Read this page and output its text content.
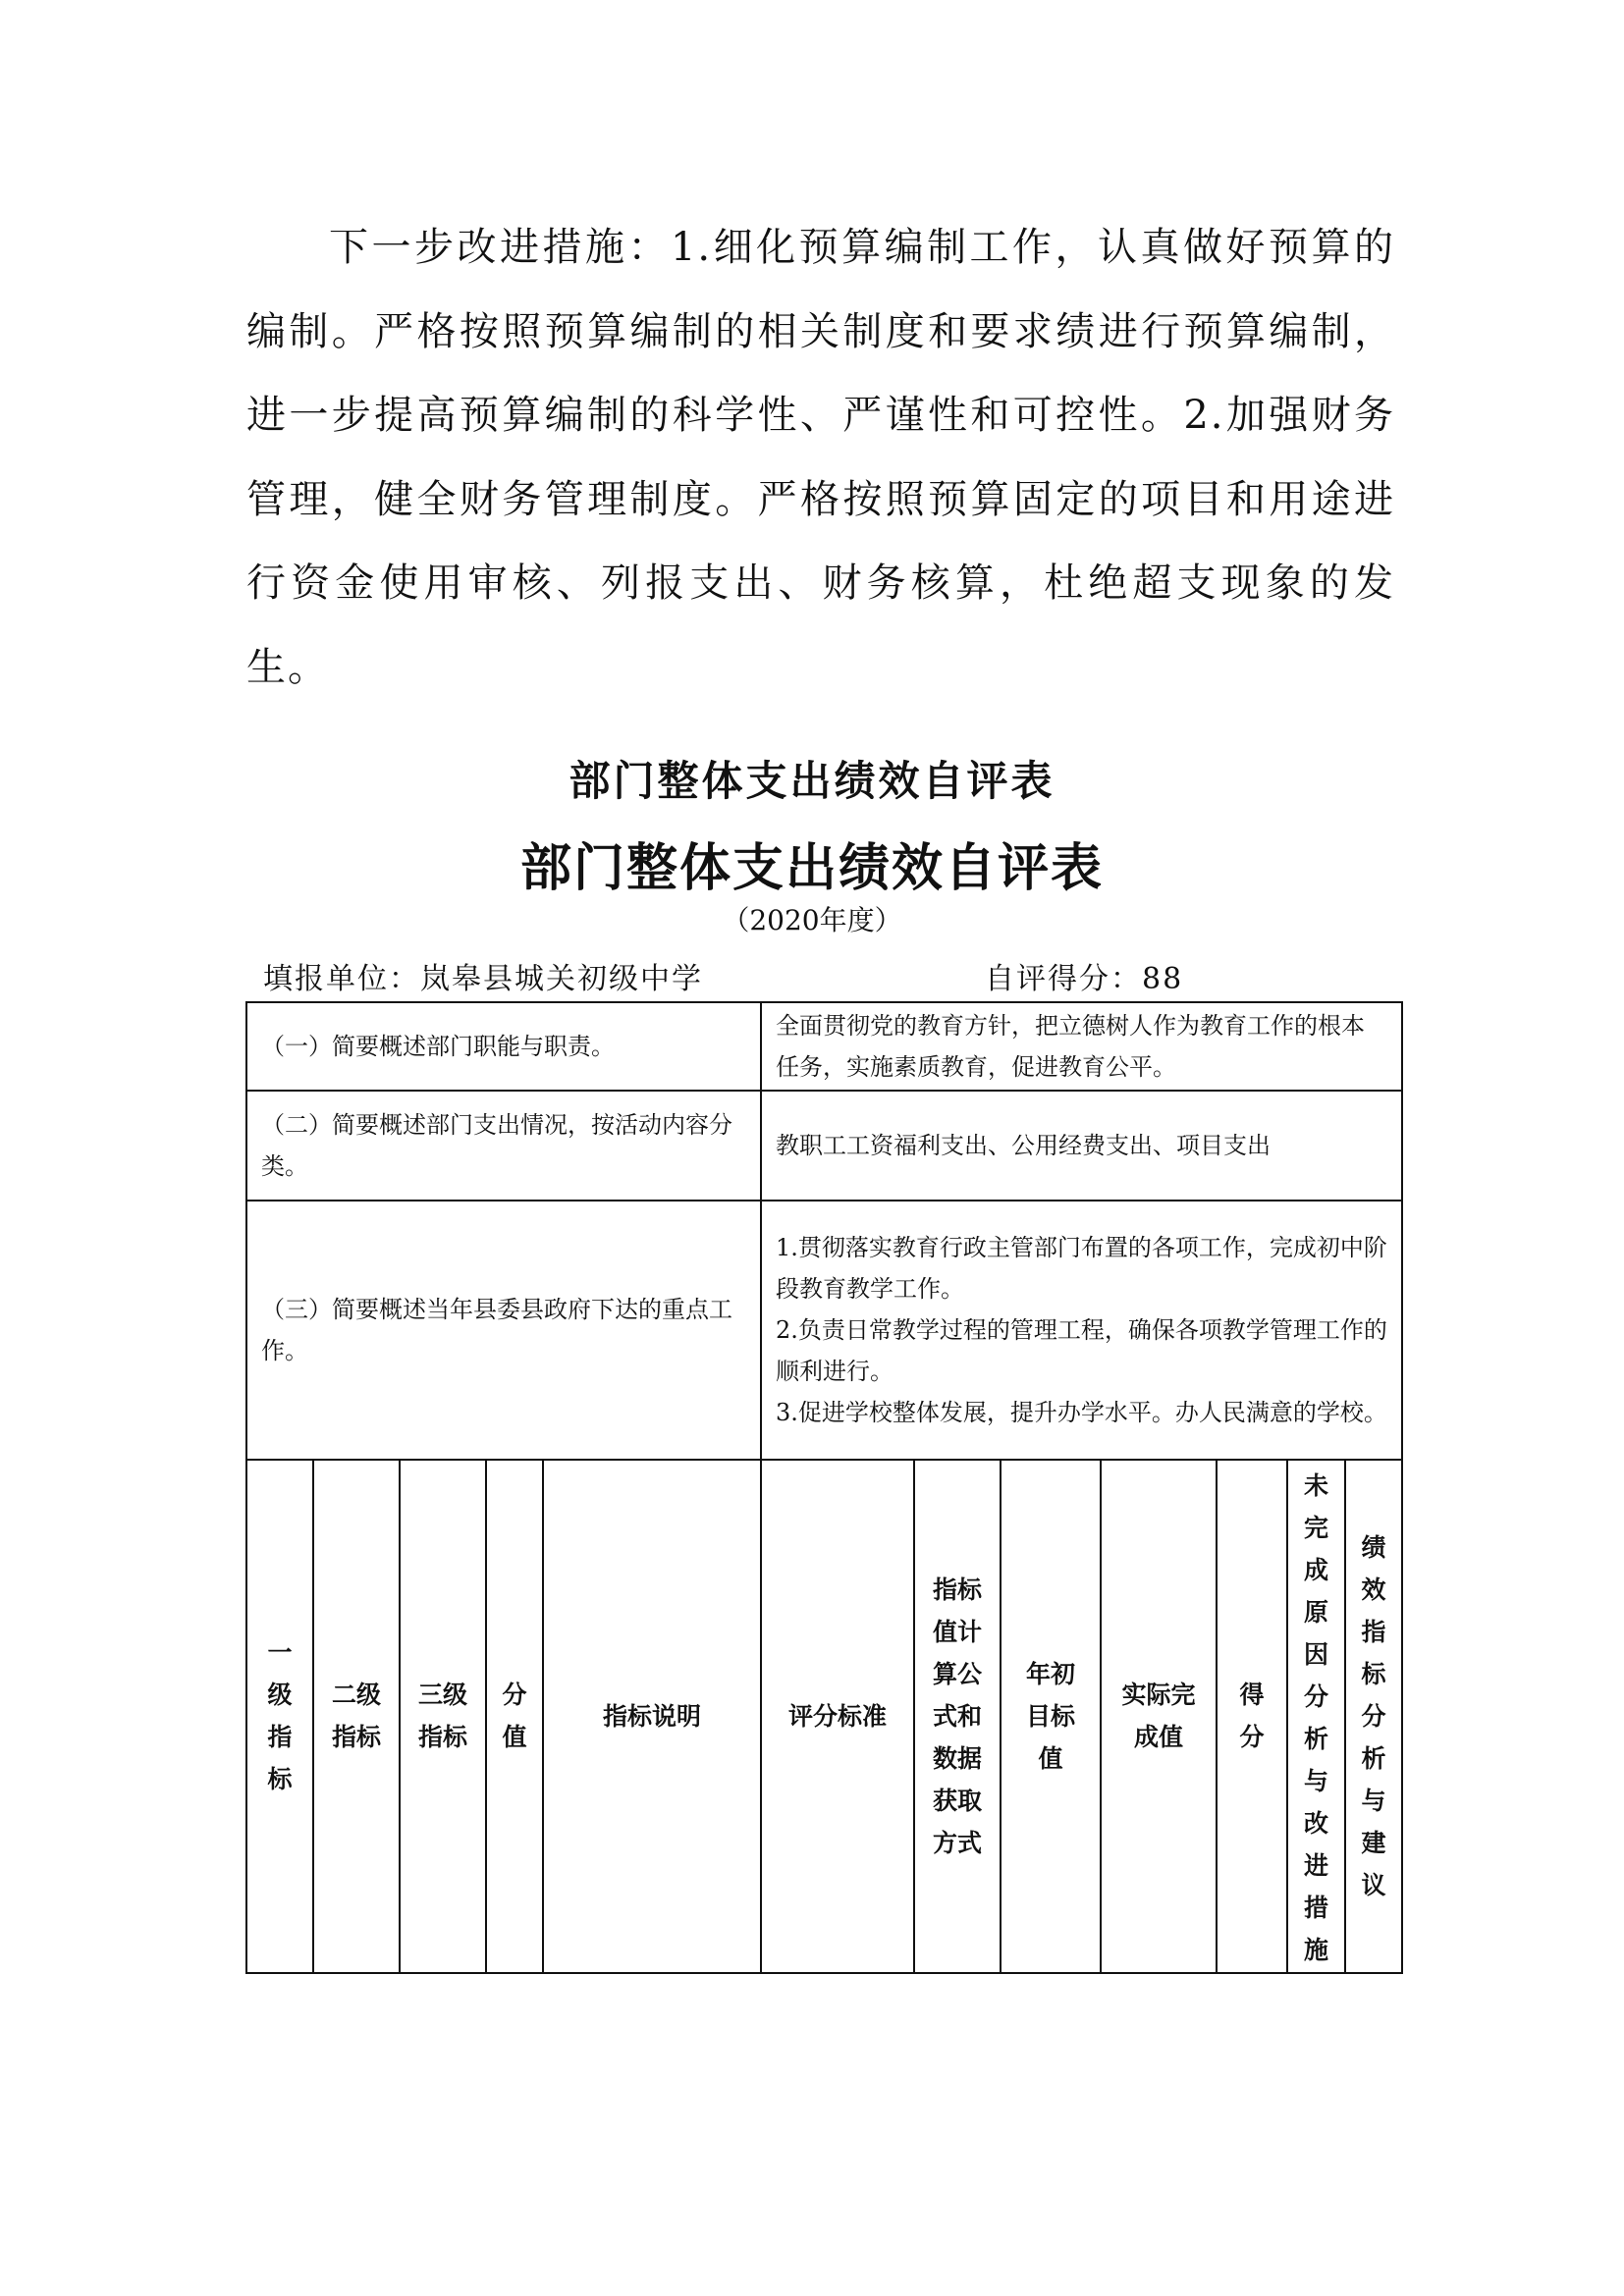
下一步改进措施：1.细化预算编制工作，认真做好预算的编制。严格按照预算编制的相关制度和要求绩进行预算编制，进一步提高预算编制的科学性、严谨性和可控性。2.加强财务管理，健全财务管理制度。严格按照预算固定的项目和用途进行资金使用审核、列报支出、财务核算，杜绝超支现象的发生。

部门整体支出绩效自评表
部门整体支出绩效自评表
（2020年度）
填报单位：岚皋县城关初级中学	自评得分：88
（一）简要概述部门职能与职责。					全面贯彻党的教育方针，把立德树人作为教育工作的根本任务，实施素质教育，促进教育公平。						
（二）简要概述部门支出情况，按活动内容分类。					教职工工资福利支出、公用经费支出、项目支出						
（三）简要概述当年县委县政府下达的重点工作。					1.贯彻落实教育行政主管部门布置的各项工作，完成初中阶段教育教学工作。
2.负责日常教学过程的管理工程，确保各项教学管理工作的顺利进行。
3.促进学校整体发展，提升办学水平。办人民满意的学校。						

一级指标	二级指标	三级指标	分值	指标说明	评分标准	指标值计算公式和数据获取方式	年初目标值	实际完成值	得分	未完成原因分析与改进措施	绩效指标分析与建议
